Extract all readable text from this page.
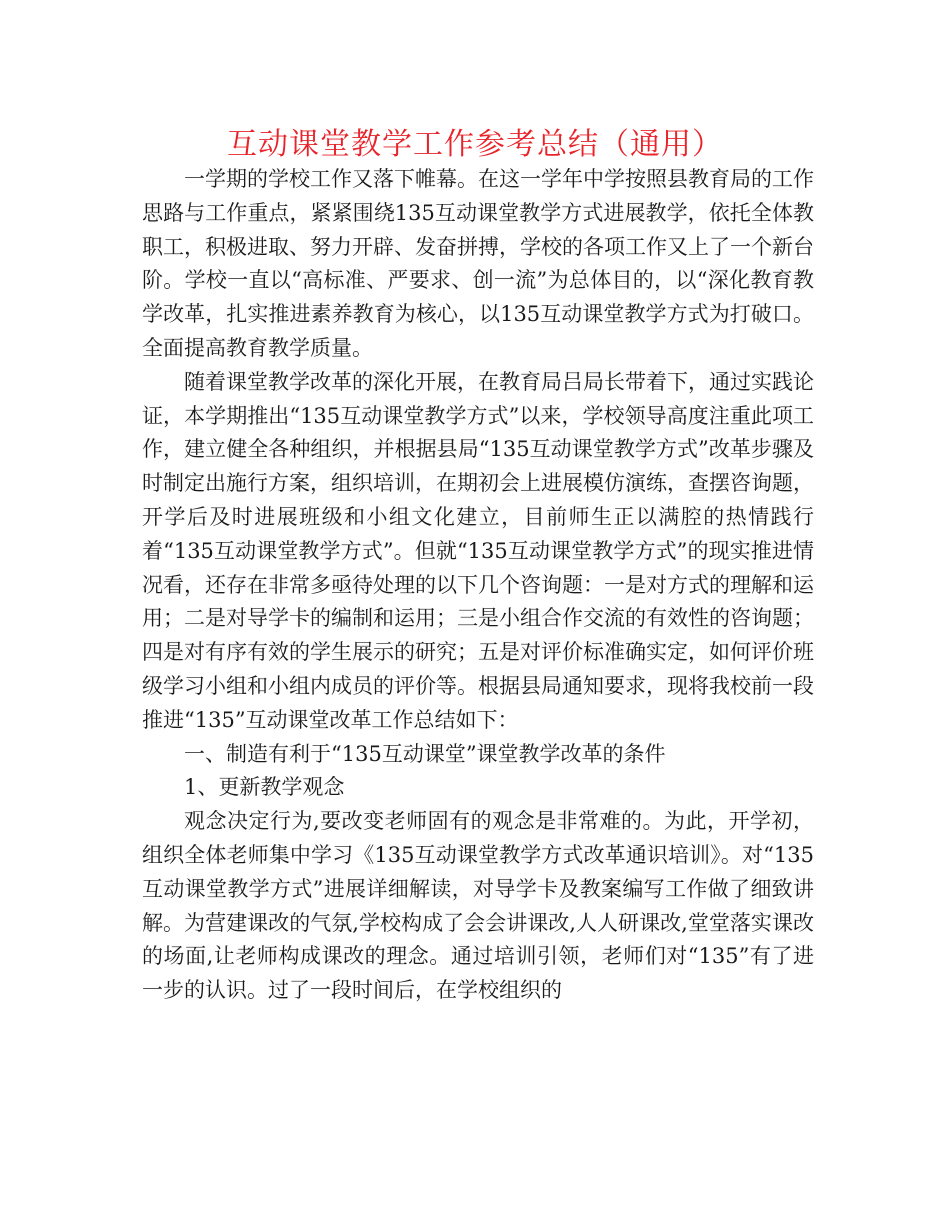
互动课堂教学工作参考总结（通用）

一学期的学校工作又落下帷幕。在这一学年中学按照县教育局的工作思路与工作重点，紧紧围绕135互动课堂教学方式进展教学，依托全体教职工，积极进取、努力开辟、发奋拼搏，学校的各项工作又上了一个新台阶。学校一直以“高标准、严要求、创一流”为总体目的，以“深化教育教学改革，扎实推进素养教育为核心，以135互动课堂教学方式为打破口。全面提高教育教学质量。

随着课堂教学改革的深化开展，在教育局吕局长带着下，通过实践论证，本学期推出“135互动课堂教学方式”以来，学校领导高度注重此项工作，建立健全各种组织，并根据县局“135互动课堂教学方式”改革步骤及时制定出施行方案，组织培训，在期初会上进展模仿演练，查摆咨询题，开学后及时进展班级和小组文化建立，目前师生正以满腔的热情践行着“135互动课堂教学方式”。但就“135互动课堂教学方式”的现实推进情况看，还存在非常多亟待处理的以下几个咨询题：一是对方式的理解和运用；二是对导学卡的编制和运用；三是小组合作交流的有效性的咨询题；四是对有序有效的学生展示的研究；五是对评价标准确实定，如何评价班级学习小组和小组内成员的评价等。根据县局通知要求，现将我校前一段推进“135”互动课堂改革工作总结如下：

一、制造有利于“135互动课堂”课堂教学改革的条件

1、更新教学观念

观念决定行为,要改变老师固有的观念是非常难的。为此，开学初，组织全体老师集中学习《135互动课堂教学方式改革通识培训》。对“135互动课堂教学方式”进展详细解读，对导学卡及教案编写工作做了细致讲解。为营建课改的气氛,学校构成了会会讲课改,人人研课改,堂堂落实课改的场面,让老师构成课改的理念。通过培训引领，老师们对“135”有了进一步的认识。过了一段时间后，在学校组织的
